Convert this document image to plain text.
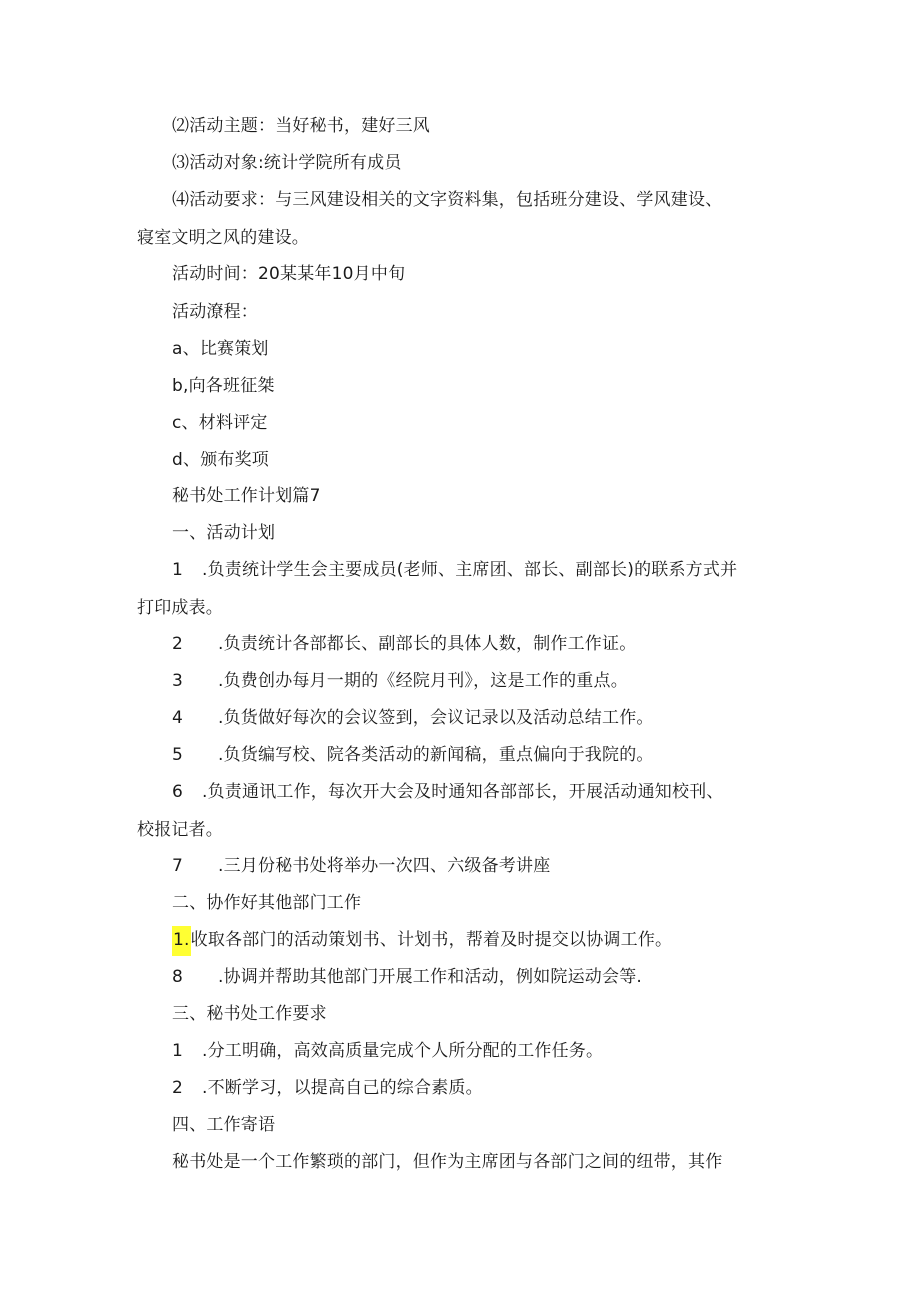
⑵活动主题：当好秘书，建好三风
⑶活动对象:统计学院所有成员
⑷活动要求：与三风建设相关的文字资料集，包括班分建设、学风建设、
寝室文明之风的建设。
活动时间：20某某年10月中旬
活动潦程：
a、比赛策划
b,向各班征桀
c、材料评定
d、颁布奖项
秘书处工作计划篇7
一、活动计划
1 .负责统计学生会主要成员(老师、主席团、部长、副部长)的联系方式并
打印成表。
2 .负责统计各部都长、副部长的具体人数，制作工作证。
3 .负费创办每月一期的《经院月刊》，这是工作的重点。
4 .负货做好每次的会议签到，会议记录以及活动总结工作。
5 .负货编写校、院各类活动的新闻稿，重点偏向于我院的。
6 .负责通讯工作，每次开大会及时通知各部部长，开展活动通知校刊、
校报记者。
7 .三月份秘书处将举办一次四、六级备考讲座
二、协作好其他部门工作
1.收取各部门的活动策划书、计划书，帮着及时提交以协调工作。
8 .协调并帮助其他部门开展工作和活动，例如院运动会等.
三、秘书处工作要求
1 .分工明确，高效高质量完成个人所分配的工作任务。
2 .不断学习，以提高自己的综合素质。
四、工作寄语
秘书处是一个工作繁琐的部门，但作为主席团与各部门之间的纽带，其作
